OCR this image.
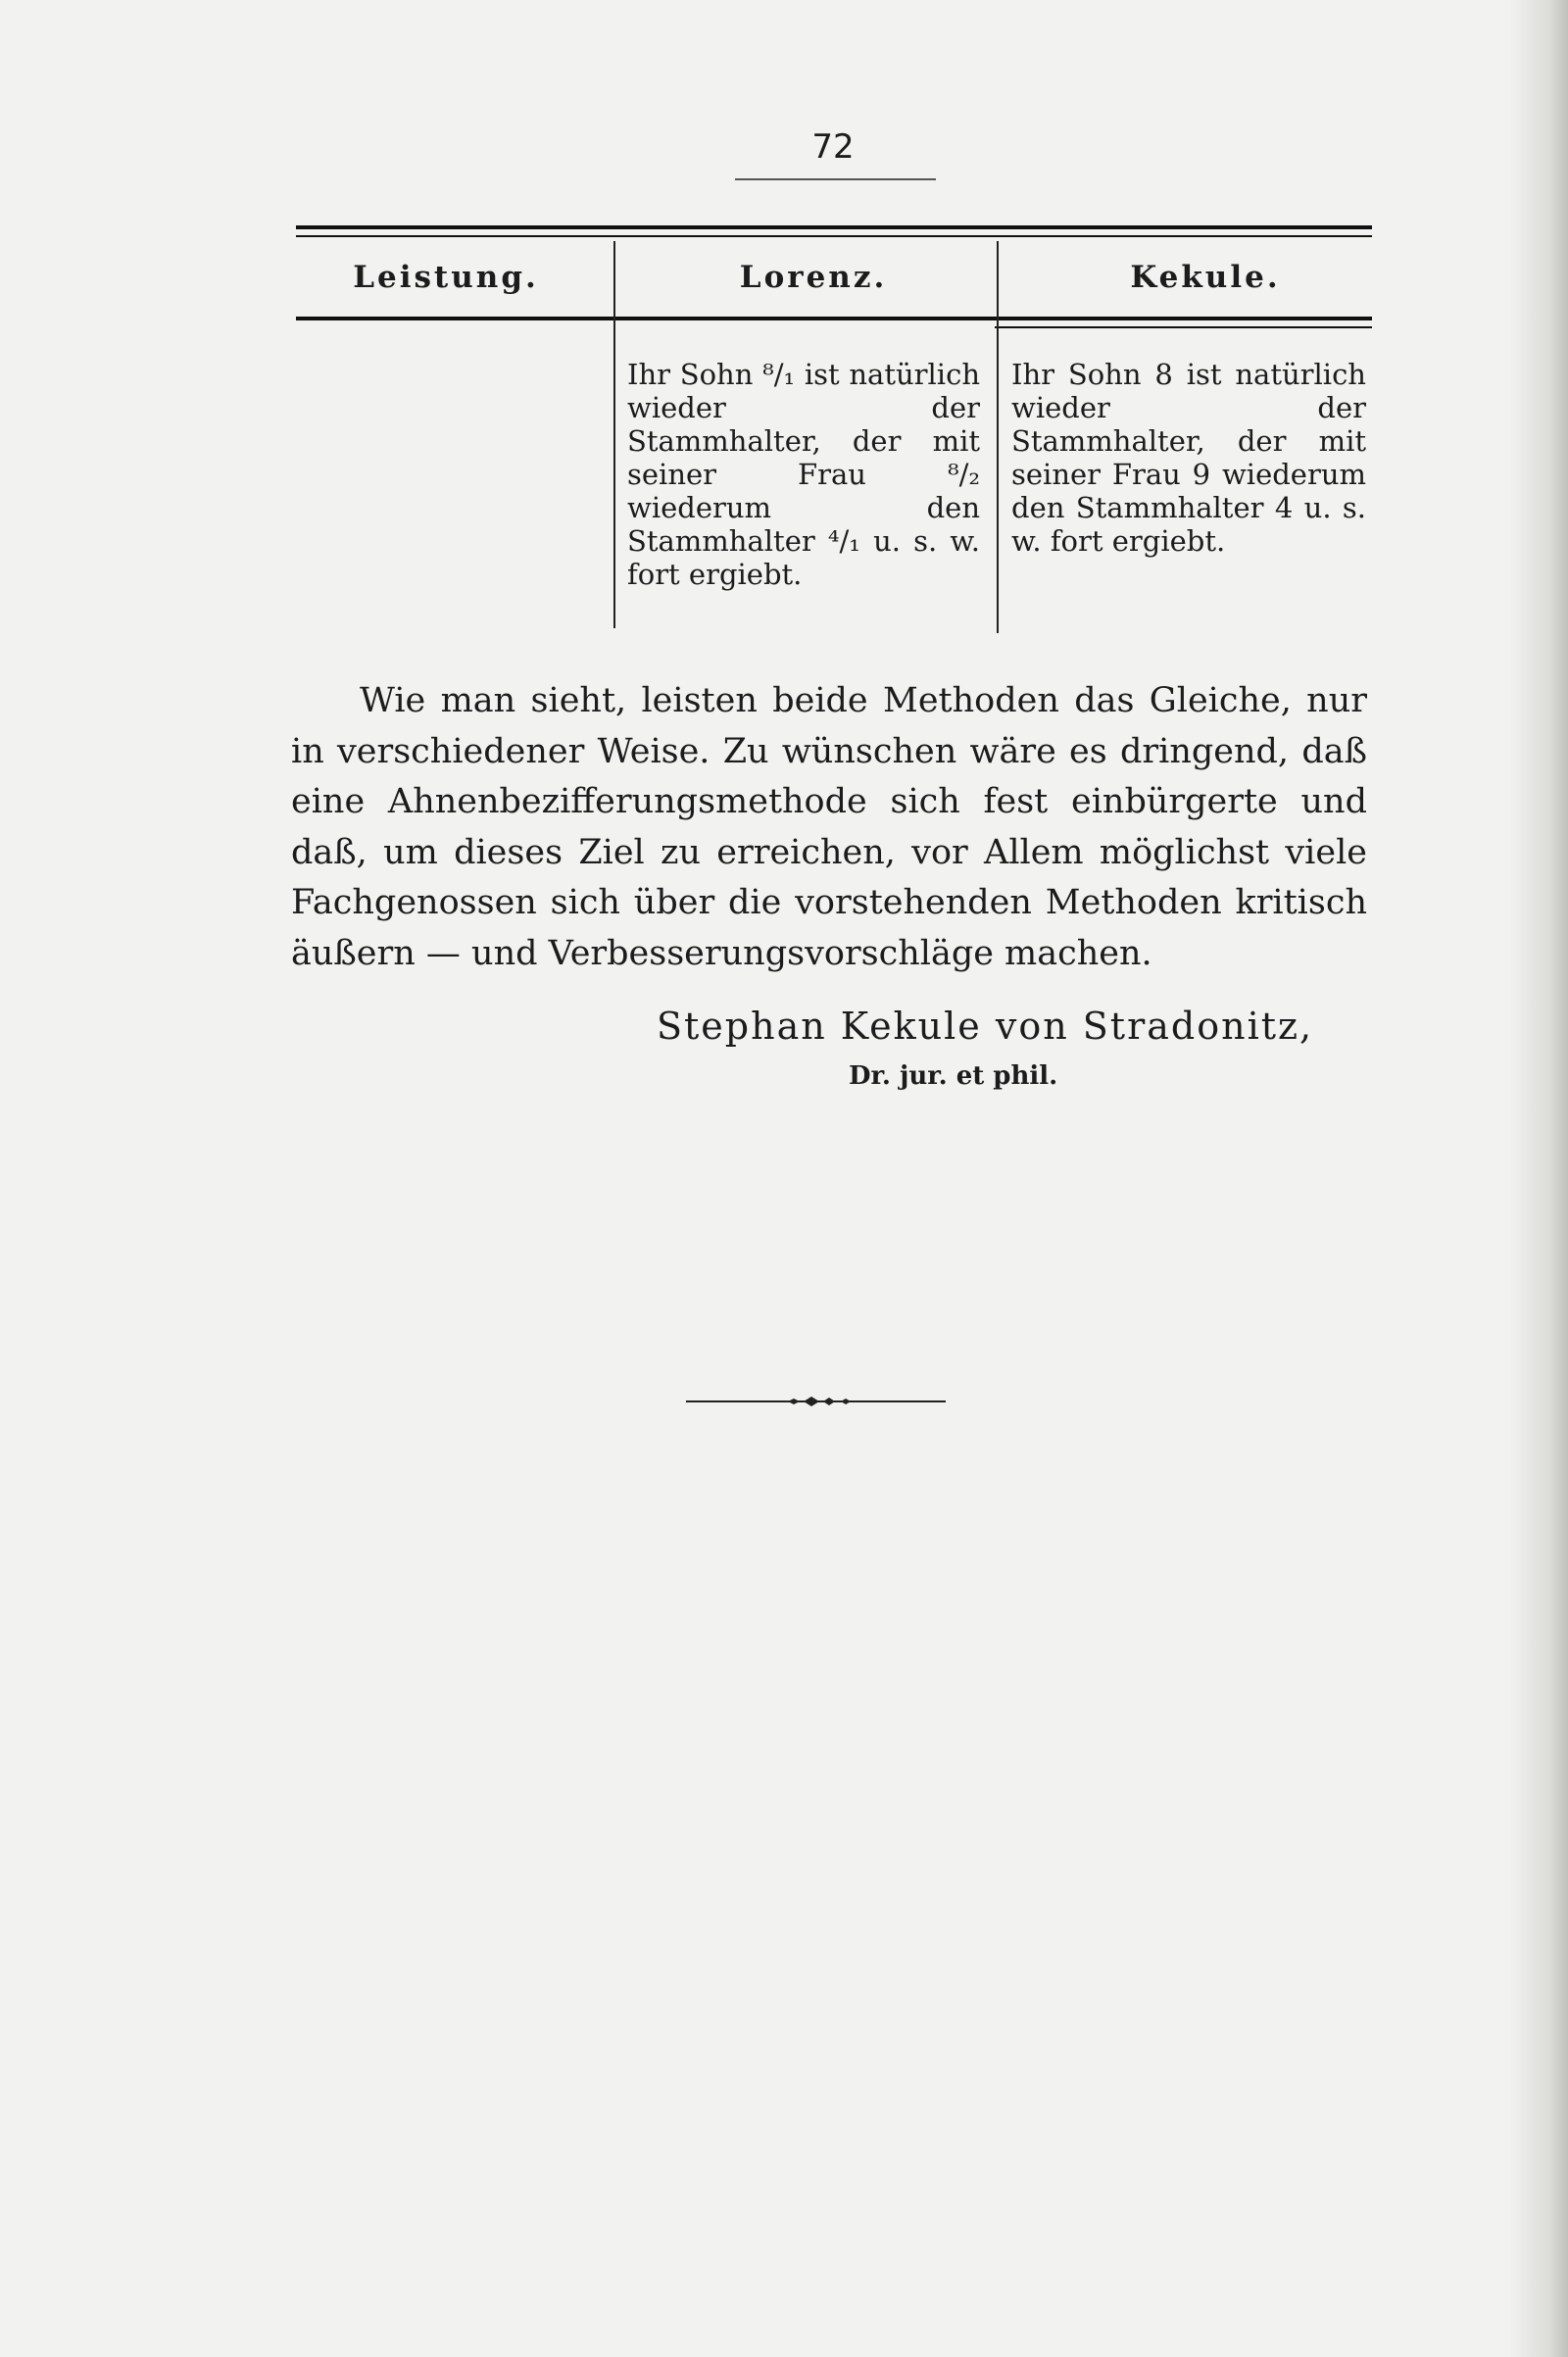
72
Leistung.	Lorenz.	Kekule.

Ihr Sohn ⁸/₁ ist natürlich wieder der Stammhalter, der mit seiner Frau ⁸/₂ wiederum den Stammhalter ⁴/₁ u. s. w. fort ergiebt.

Ihr Sohn 8 ist natürlich wieder der Stammhalter, der mit seiner Frau 9 wiederum den Stammhalter 4 u. s. w. fort ergiebt.

Wie man sieht, leisten beide Methoden das Gleiche, nur in verschiedener Weise. Zu wünschen wäre es dringend, daß eine Ahnenbezifferungsmethode sich fest einbürgerte und daß, um dieses Ziel zu erreichen, vor Allem möglichst viele Fachgenossen sich über die vorstehenden Methoden kritisch äußern — und Verbesserungsvorschläge machen.

Stephan Kekule von Stradonitz,
Dr. jur. et phil.
